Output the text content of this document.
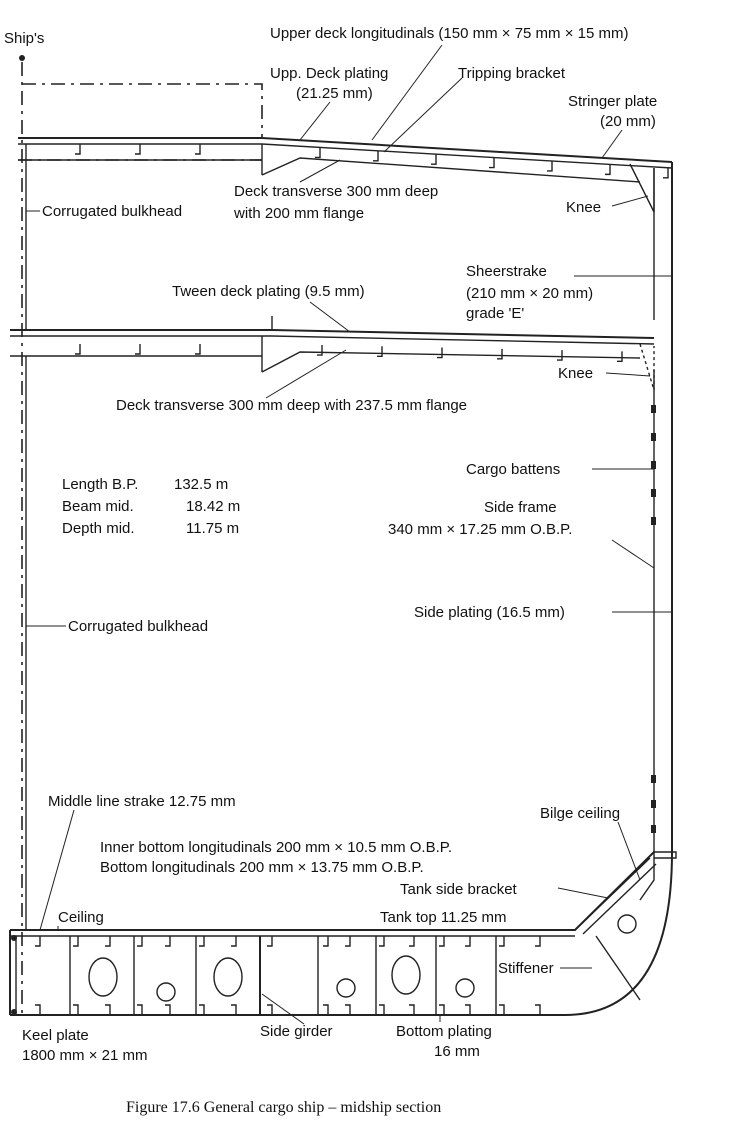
Ship's	Upper deck longitudinals (150 mm × 75 mm × 15 mm)
Upp. Deck plating
(21.25 mm)
Tripping bracket
Stringer plate
(20 mm)
Deck transverse 300 mm deep
with 200 mm flange
Corrugated bulkhead	Knee
Sheerstrake
(210 mm × 20 mm)
grade 'E'
Tween deck plating (9.5 mm)
Knee
Deck transverse 300 mm deep with 237.5 mm flange
Length B.P. 132.5 m
Beam mid.	18.42 m
Depth mid.	11.75 m
Cargo battens
Side frame
340 mm × 17.25 mm O.B.P.
Corrugated bulkhead
Side plating (16.5 mm)
Middle line strake 12.75 mm
Bilge ceiling
Inner bottom longitudinals 200 mm × 10.5 mm O.B.P.
Bottom longitudinals 200 mm × 13.75 mm O.B.P.
Tank side bracket
Ceiling	Tank top 11.25 mm
Stiffener
Keel plate
1800 mm × 21 mm
Side girder	Bottom plating
16 mm
Figure 17.6 General cargo ship – midship section
